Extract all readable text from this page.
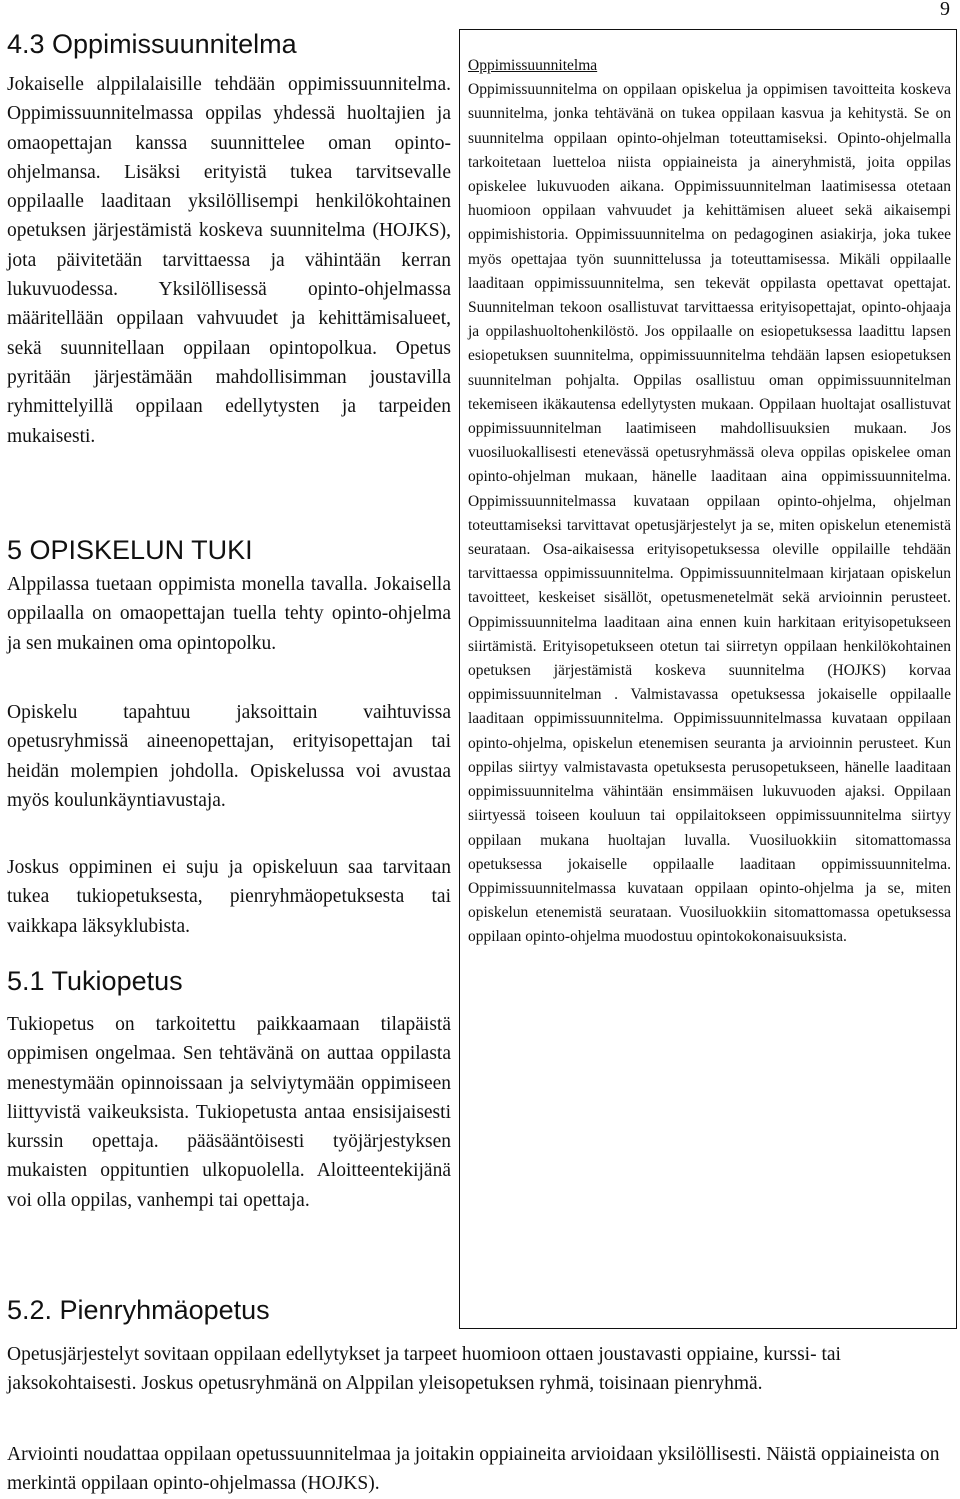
9
4.3 Oppimissuunnitelma

Jokaiselle alppilalaisille tehdään oppimissuunnitelma. Oppimissuunnitelmassa oppilas yhdessä huoltajien ja omaopettajan kanssa suunnittelee oman opinto-ohjelmansa. Lisäksi erityistä tukea tarvitsevalle oppilaalle laaditaan yksilöllisempi henkilökohtainen opetuksen järjestämistä koskeva suunnitelma (HOJKS), jota päivitetään tarvittaessa ja vähintään kerran lukuvuodessa. Yksilöllisessä opinto-ohjelmassa määritellään oppilaan vahvuudet ja kehittämisalueet, sekä suunnitellaan oppilaan opintopolkua. Opetus pyritään järjestämään mahdollisimman joustavilla ryhmittelyillä oppilaan edellytysten ja tarpeiden mukaisesti.

5 OPISKELUN TUKI

Alppilassa tuetaan oppimista monella tavalla. Jokaisella oppilaalla on omaopettajan tuella tehty opinto-ohjelma ja sen mukainen oma opintopolku.

Opiskelu tapahtuu jaksoittain vaihtuvissa opetusryhmissä aineenopettajan, erityisopettajan tai heidän molempien johdolla. Opiskelussa voi avustaa myös koulunkäyntiavustaja.

Joskus oppiminen ei suju ja opiskeluun saa tarvitaan tukea tukiopetuksesta, pienryhmäopetuksesta tai vaikkapa läksyklubista.

5.1 Tukiopetus

Tukiopetus on tarkoitettu paikkaamaan tilapäistä oppimisen ongelmaa. Sen tehtävänä on auttaa oppilasta menestymään opinnoissaan ja selviytymään oppimiseen liittyvistä vaikeuksista. Tukiopetusta antaa ensisijaisesti kurssin opettaja. pääsääntöisesti työjärjestyksen mukaisten oppituntien ulkopuolella. Aloitteentekijänä voi olla oppilas, vanhempi tai opettaja.

5.2. Pienryhmäopetus
Oppimissuunnitelma

Oppimissuunnitelma on oppilaan opiskelua ja oppimisen tavoitteita koskeva suunnitelma, jonka tehtävänä on tukea oppilaan kasvua ja kehitystä. Se on suunnitelma oppilaan opinto-ohjelman toteuttamiseksi. Opinto-ohjelmalla tarkoitetaan luetteloa niista oppiaineista ja aineryhmistä, joita oppilas opiskelee lukuvuoden aikana. Oppimissuunnitelman laatimisessa otetaan huomioon oppilaan vahvuudet ja kehittämisen alueet sekä aikaisempi oppimishistoria. Oppimissuunnitelma on pedagoginen asiakirja, joka tukee myös opettajaa työn suunnittelussa ja toteuttamisessa. Mikäli oppilaalle laaditaan oppimissuunnitelma, sen tekevät oppilasta opettavat opettajat. Suunnitelman tekoon osallistuvat tarvittaessa erityisopettajat, opinto-ohjaaja ja oppilashuoltohenkilöstö. Jos oppilaalle on esiopetuksessa laadittu lapsen esiopetuksen suunnitelma, oppimissuunnitelma tehdään lapsen esiopetuksen suunnitelman pohjalta. Oppilas osallistuu oman oppimissuunnitelman tekemiseen ikäkautensa edellytysten mukaan. Oppilaan huoltajat osallistuvat oppimissuunnitelman laatimiseen mahdollisuuksien mukaan. Jos vuosiluokallisesti etenevässä opetusryhmässä oleva oppilas opiskelee oman opinto-ohjelman mukaan, hänelle laaditaan aina oppimissuunnitelma. Oppimissuunnitelmassa kuvataan oppilaan opinto-ohjelma, ohjelman toteuttamiseksi tarvittavat opetusjärjestelyt ja se, miten opiskelun etenemistä seurataan. Osa-aikaisessa erityisopetuksessa oleville oppilaille tehdään tarvittaessa oppimissuunnitelma. Oppimissuunnitelmaan kirjataan opiskelun tavoitteet, keskeiset sisällöt, opetusmenetelmät sekä arvioinnin perusteet. Oppimissuunnitelma laaditaan aina ennen kuin harkitaan erityisopetukseen siirtämistä. Erityisopetukseen otetun tai siirretyn oppilaan henkilökohtainen opetuksen järjestämistä koskeva suunnitelma (HOJKS) korvaa oppimissuunnitelman . Valmistavassa opetuksessa jokaiselle oppilaalle laaditaan oppimissuunnitelma. Oppimissuunnitelmassa kuvataan oppilaan opinto-ohjelma, opiskelun etenemisen seuranta ja arvioinnin perusteet. Kun oppilas siirtyy valmistavasta opetuksesta perusopetukseen, hänelle laaditaan oppimissuunnitelma vähintään ensimmäisen lukuvuoden ajaksi. Oppilaan siirtyessä toiseen kouluun tai oppilaitokseen oppimissuunnitelma siirtyy oppilaan mukana huoltajan luvalla. Vuosiluokkiin sitomattomassa opetuksessa jokaiselle oppilaalle laaditaan oppimissuunnitelma. Oppimissuunnitelmassa kuvataan oppilaan opinto-ohjelma ja se, miten opiskelun etenemistä seurataan. Vuosiluokkiin sitomattomassa opetuksessa oppilaan opinto-ohjelma muodostuu opintokokonaisuuksista.

Opetusjärjestelyt sovitaan oppilaan edellytykset ja tarpeet huomioon ottaen joustavasti oppiaine, kurssi- tai jaksokohtaisesti. Joskus opetusryhmänä on Alppilan yleisopetuksen ryhmä, toisinaan pienryhmä.

Arviointi noudattaa oppilaan opetussuunnitelmaa ja joitakin oppiaineita arvioidaan yksilöllisesti. Näistä oppiaineista on merkintä oppilaan opinto-ohjelmassa (HOJKS).
